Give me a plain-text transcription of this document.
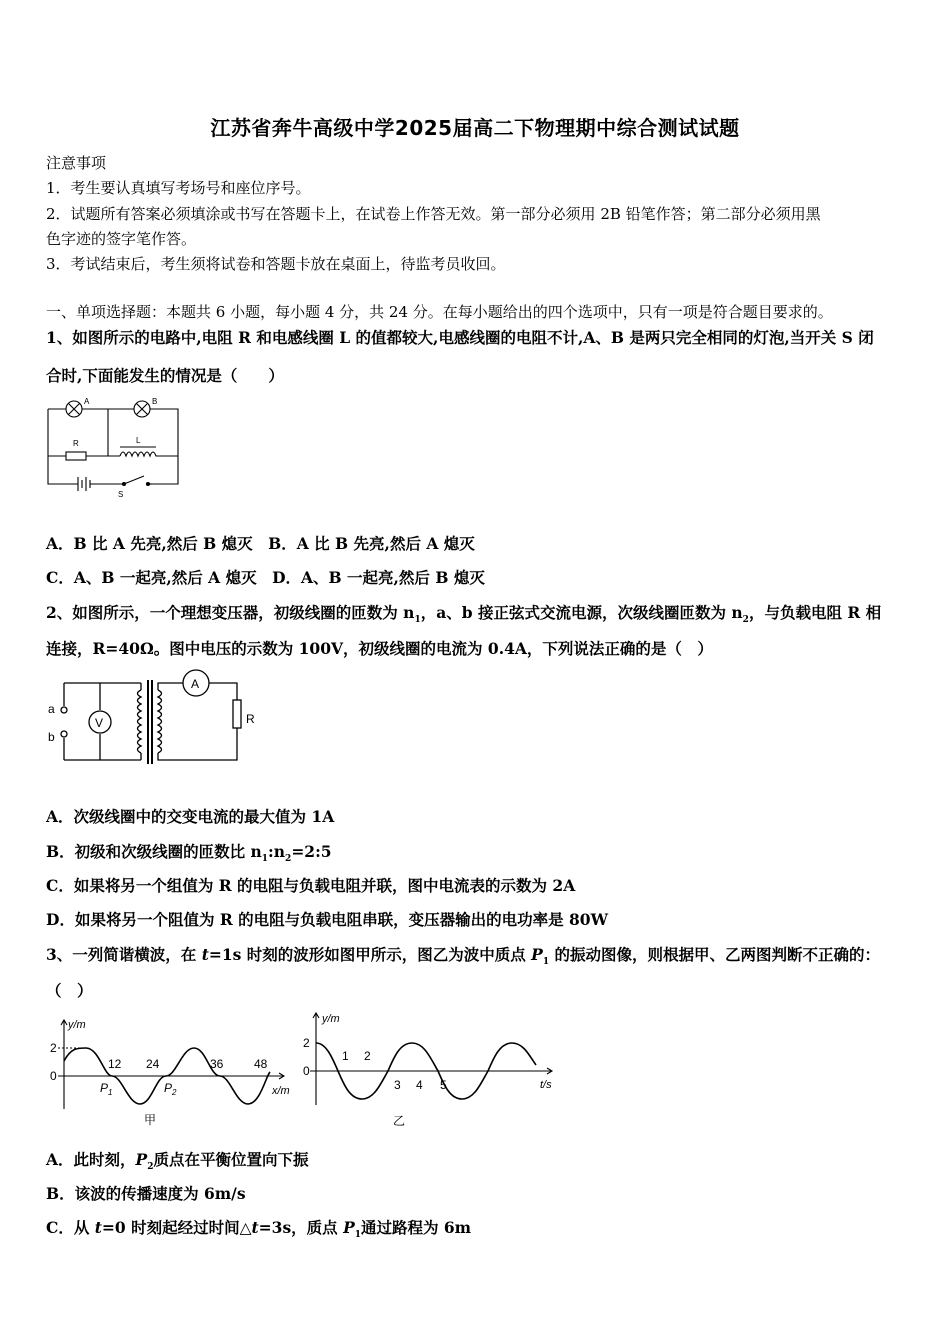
江苏省奔牛高级中学2025届高二下物理期中综合测试试题
注意事项
1．考生要认真填写考场号和座位序号。
2．试题所有答案必须填涂或书写在答题卡上，在试卷上作答无效。第一部分必须用 2B 铅笔作答；第二部分必须用黑
色字迹的签字笔作答。
3．考试结束后，考生须将试卷和答题卡放在桌面上，待监考员收回。
一、单项选择题：本题共 6 小题，每小题 4 分，共 24 分。在每小题给出的四个选项中，只有一项是符合题目要求的。
1、如图所示的电路中,电阻 R 和电感线圈 L 的值都较大,电感线圈的电阻不计,A、B 是两只完全相同的灯泡,当开关 S 闭
合时,下面能发生的情况是（　　）
A	B
R	L
S
A．B 比 A 先亮,然后 B 熄灭　B．A 比 B 先亮,然后 A 熄灭
C．A、B 一起亮,然后 A 熄灭　D．A、B 一起亮,然后 B 熄灭
2、如图所示，一个理想变压器，初级线圈的匝数为 $n_1$，a、b 接正弦式交流电源，次级线圈匝数为 $n_2$，与负载电阻 R 相
连接，R=40Ω。图中电压的示数为 100V，初级线圈的电流为 0.4A，下列说法正确的是（　）
a
b
V
A
R
A．次级线圈中的交变电流的最大值为 1A
B．初级和次级线圈的匝数比 $n_1:n_2=2:5$
C．如果将另一个组值为 R 的电阻与负载电阻并联，图中电流表的示数为 2A
D．如果将另一个阻值为 R 的电阻与负载电阻串联，变压器输出的电功率是 80W
3、一列简谐横波，在 t=1s 时刻的波形如图甲所示，图乙为波中质点 $P_1$ 的振动图像，则根据甲、乙两图判断不正确的：
（　）
y/m
2
0
12 24	36	48
$P_1$	$P_2$	x/m
甲
y/m
2
0
1 2
3 4 5	t/s
乙
A．此时刻，$P_2$质点在平衡位置向下振
B．该波的传播速度为 6m/s
C．从 t=0 时刻起经过时间△t=3s，质点 $P_1$通过路程为 6m
